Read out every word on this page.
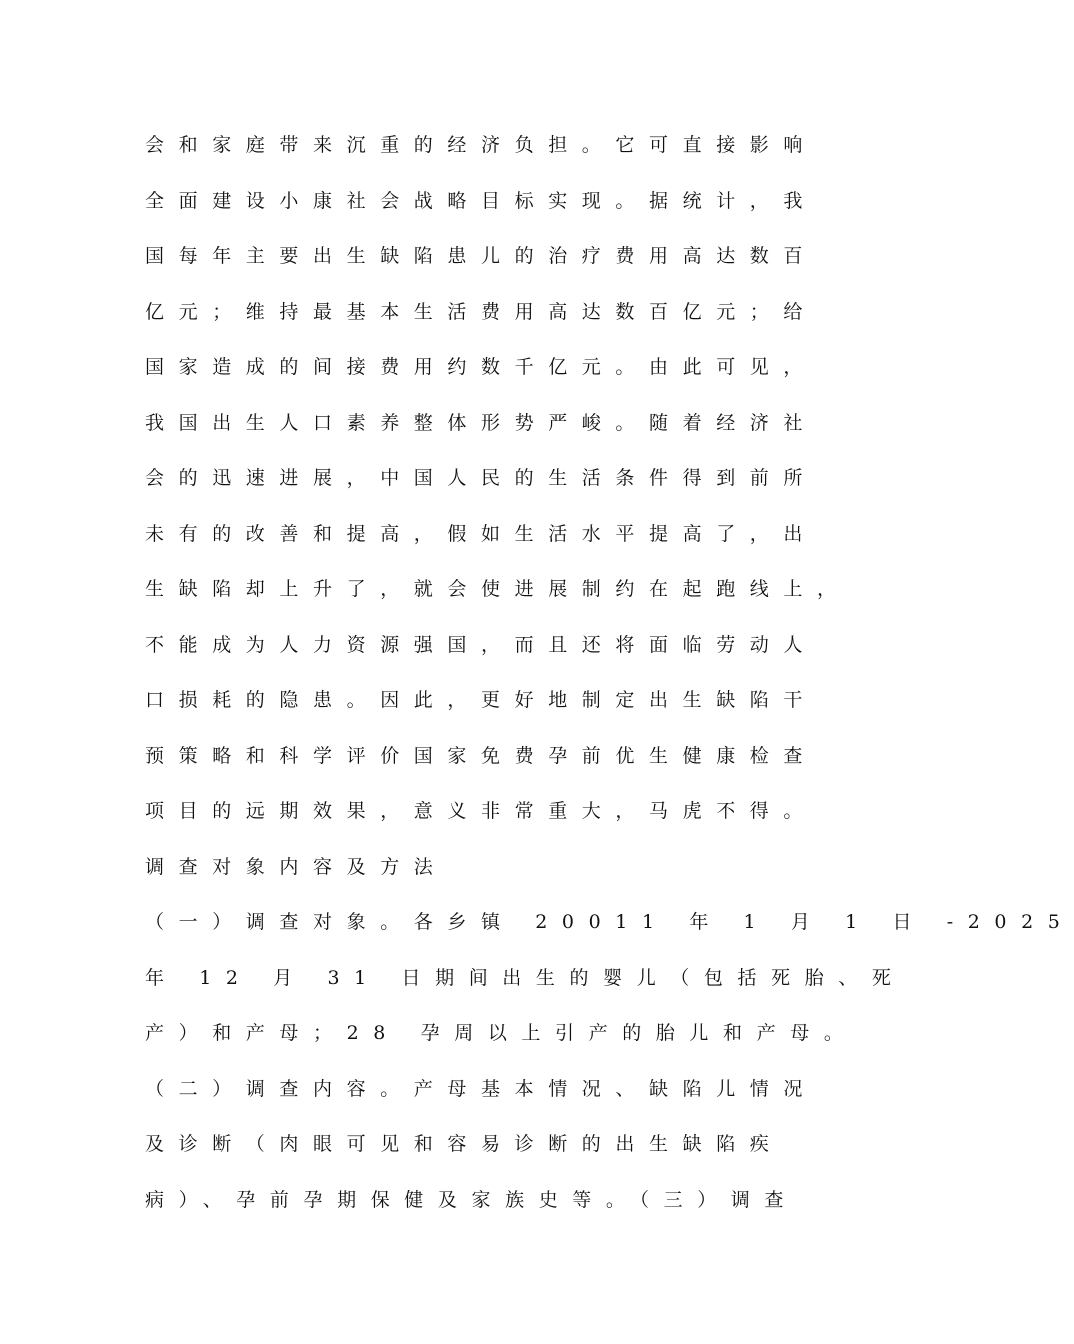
会和家庭带来沉重的经济负担。它可直接影响
全面建设小康社会战略目标实现。据统计，我
国每年主要出生缺陷患儿的治疗费用高达数百
亿元；维持最基本生活费用高达数百亿元；给
国家造成的间接费用约数千亿元。由此可见，
我国出生人口素养整体形势严峻。随着经济社
会的迅速进展，中国人民的生活条件得到前所
未有的改善和提高，假如生活水平提高了，出
生缺陷却上升了，就会使进展制约在起跑线上，
不能成为人力资源强国，而且还将面临劳动人
口损耗的隐患。因此，更好地制定出生缺陷干
预策略和科学评价国家免费孕前优生健康检查
项目的远期效果，意义非常重大，马虎不得。
调查对象内容及方法
（一）调查对象。各乡镇 20011 年 1 月 1 日 -2025
年 12 月 31 日期间出生的婴儿（包括死胎、死
产）和产母；28 孕周以上引产的胎儿和产母。
（二）调查内容。产母基本情况、缺陷儿情况
及诊断（肉眼可见和容易诊断的出生缺陷疾
病）、孕前孕期保健及家族史等。（三）调查
